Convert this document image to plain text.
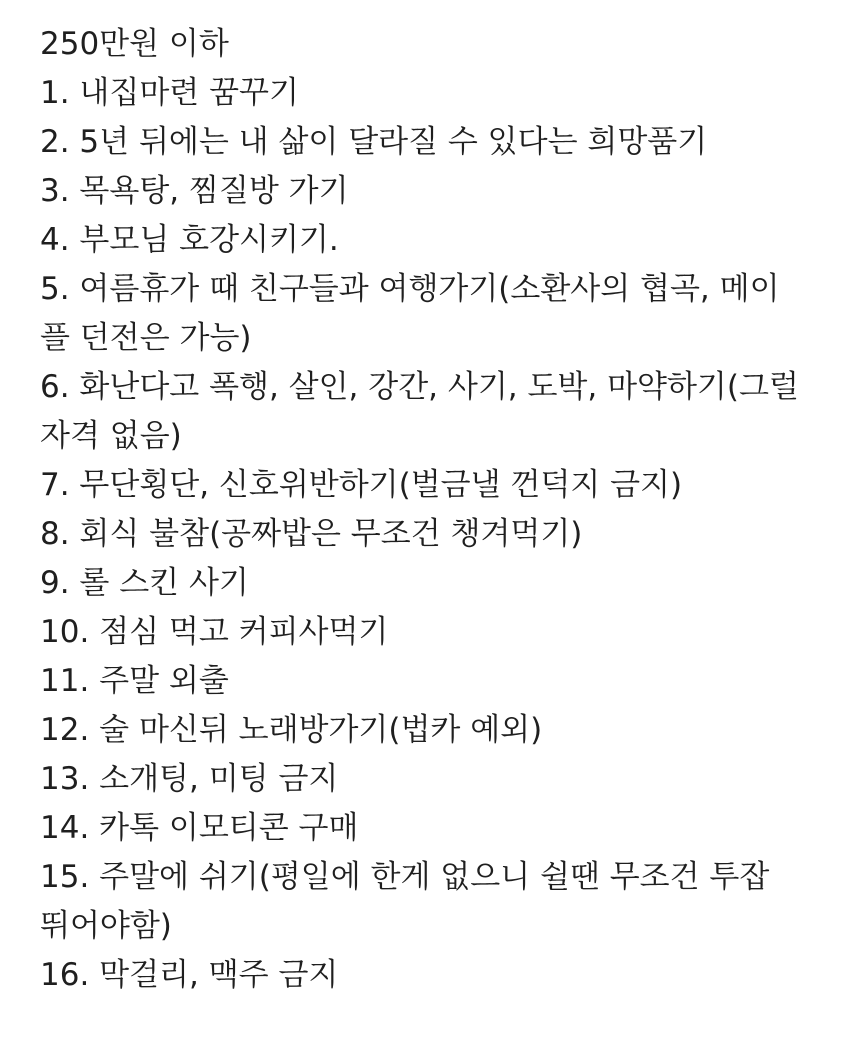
250만원 이하
1. 내집마련 꿈꾸기
2. 5년 뒤에는 내 삶이 달라질 수 있다는 희망품기
3. 목욕탕, 찜질방 가기
4. 부모님 호강시키기.
5. 여름휴가 때 친구들과 여행가기(소환사의 협곡, 메이
플 던전은 가능)
6. 화난다고 폭행, 살인, 강간, 사기, 도박, 마약하기(그럴
자격 없음)
7. 무단횡단, 신호위반하기(벌금낼 껀덕지 금지)
8. 회식 불참(공짜밥은 무조건 챙겨먹기)
9. 롤 스킨 사기
10. 점심 먹고 커피사먹기
11. 주말 외출
12. 술 마신뒤 노래방가기(법카 예외)
13. 소개팅, 미팅 금지
14. 카톡 이모티콘 구매
15. 주말에 쉬기(평일에 한게 없으니 쉴땐 무조건 투잡
뛰어야함)
16. 막걸리, 맥주 금지
